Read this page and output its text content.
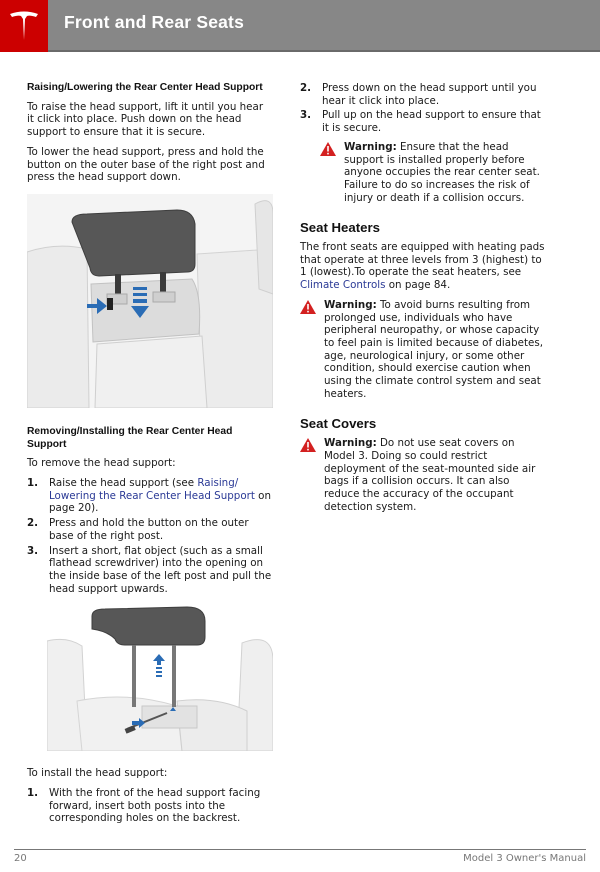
Front and Rear Seats
Raising/Lowering the Rear Center Head Support

To raise the head support, lift it until you hear it click into place. Push down on the head support to ensure that it is secure.

To lower the head support, press and hold the button on the outer base of the right post and press the head support down.

Removing/Installing the Rear Center Head Support

To remove the head support:

1. Raise the head support (see Raising/ Lowering the Rear Center Head Support on page 20).
2. Press and hold the button on the outer base of the right post.
3. Insert a short, flat object (such as a small flathead screwdriver) into the opening on the inside base of the left post and pull the head support upwards.

To install the head support:

1. With the front of the head support facing forward, insert both posts into the corresponding holes on the backrest.
2. Press down on the head support until you hear it click into place.
3. Pull up on the head support to ensure that it is secure.
Warning: Ensure that the head support is installed properly before anyone occupies the rear center seat. Failure to do so increases the risk of injury or death if a collision occurs.
Seat Heaters

The front seats are equipped with heating pads that operate at three levels from 3 (highest) to 1 (lowest).To operate the seat heaters, see Climate Controls on page 84.

Warning: To avoid burns resulting from prolonged use, individuals who have peripheral neuropathy, or whose capacity to feel pain is limited because of diabetes, age, neurological injury, or some other condition, should exercise caution when using the climate control system and seat heaters.
Seat Covers
Warning: Do not use seat covers on Model 3. Doing so could restrict deployment of the seat-mounted side air bags if a collision occurs. It can also reduce the accuracy of the occupant detection system.
20	Model 3 Owner's Manual
